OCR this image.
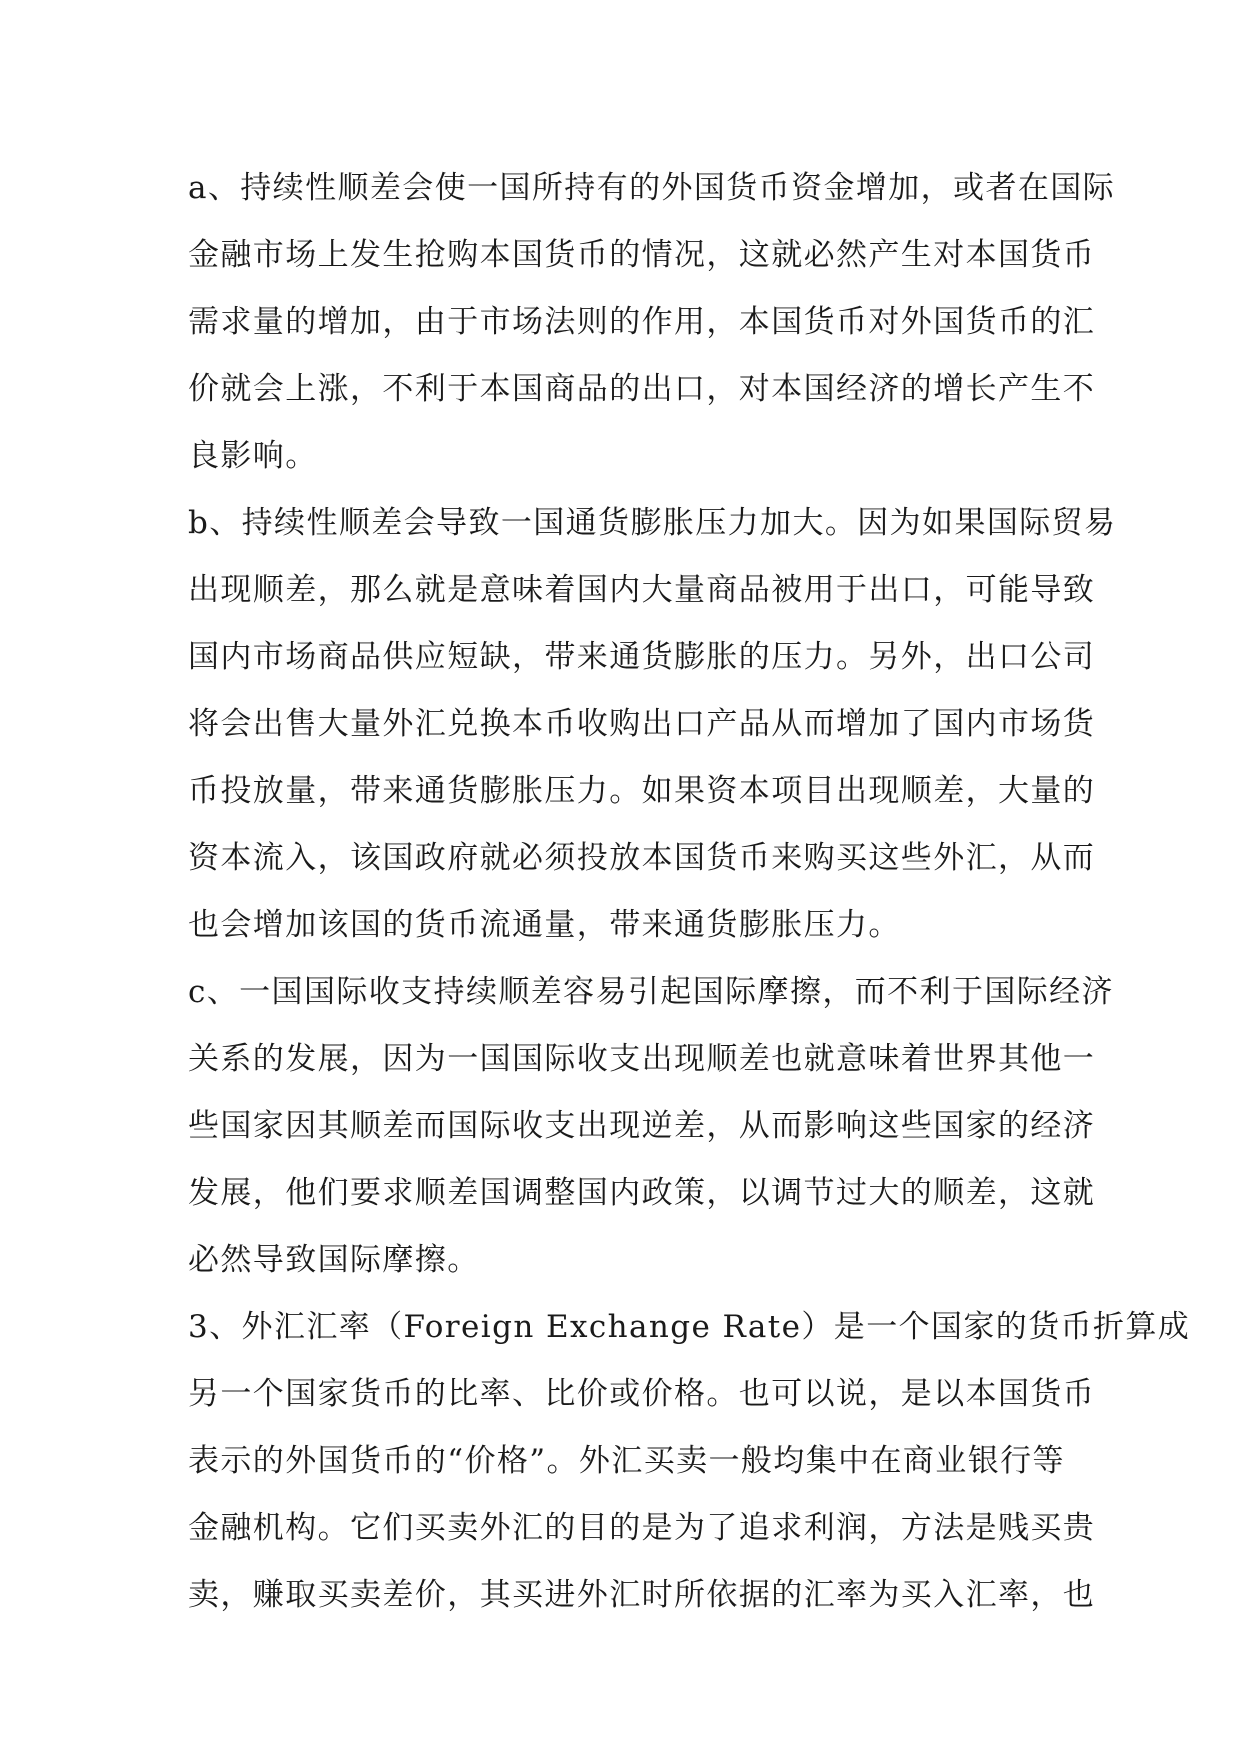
a、持续性顺差会使一国所持有的外国货币资金增加，或者在国际
金融市场上发生抢购本国货币的情况，这就必然产生对本国货币
需求量的增加，由于市场法则的作用，本国货币对外国货币的汇
价就会上涨，不利于本国商品的出口，对本国经济的增长产生不
良影响。

b、持续性顺差会导致一国通货膨胀压力加大。因为如果国际贸易
出现顺差，那么就是意味着国内大量商品被用于出口，可能导致
国内市场商品供应短缺，带来通货膨胀的压力。另外，出口公司
将会出售大量外汇兑换本币收购出口产品从而增加了国内市场货
币投放量，带来通货膨胀压力。如果资本项目出现顺差，大量的
资本流入，该国政府就必须投放本国货币来购买这些外汇，从而
也会增加该国的货币流通量，带来通货膨胀压力。

c、一国国际收支持续顺差容易引起国际摩擦，而不利于国际经济
关系的发展，因为一国国际收支出现顺差也就意味着世界其他一
些国家因其顺差而国际收支出现逆差，从而影响这些国家的经济
发展，他们要求顺差国调整国内政策，以调节过大的顺差，这就
必然导致国际摩擦。

3、外汇汇率（Foreign Exchange Rate）是一个国家的货币折算成
另一个国家货币的比率、比价或价格。也可以说，是以本国货币
表示的外国货币的“价格”。外汇买卖一般均集中在商业银行等
金融机构。它们买卖外汇的目的是为了追求利润，方法是贱买贵
卖，赚取买卖差价，其买进外汇时所依据的汇率为买入汇率，也
